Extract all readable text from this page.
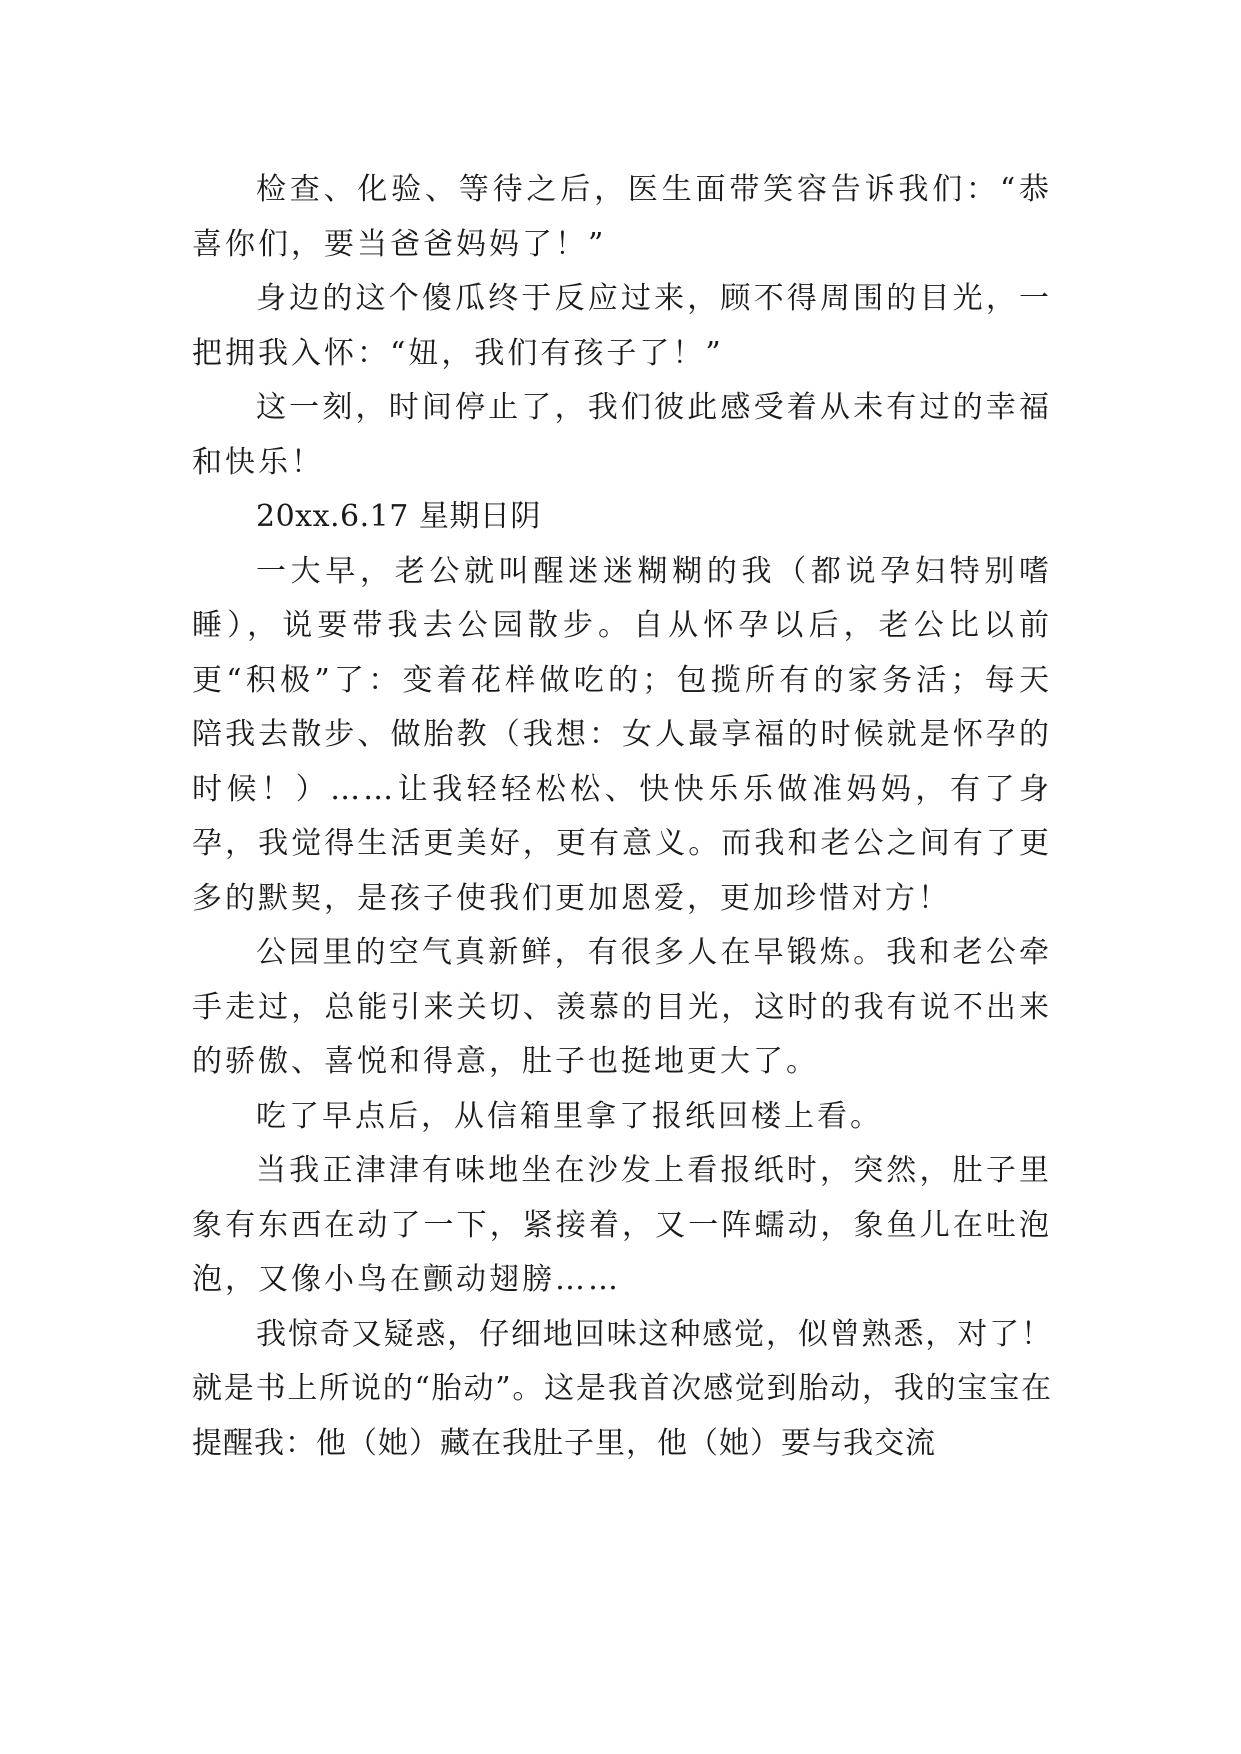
检查、化验、等待之后，医生面带笑容告诉我们：“恭喜你们，要当爸爸妈妈了！”

身边的这个傻瓜终于反应过来，顾不得周围的目光，一把拥我入怀：“妞，我们有孩子了！”

这一刻，时间停止了，我们彼此感受着从未有过的幸福和快乐！

20xx.6.17 星期日阴

一大早，老公就叫醒迷迷糊糊的我（都说孕妇特别嗜睡），说要带我去公园散步。自从怀孕以后，老公比以前更“积极”了：变着花样做吃的；包揽所有的家务活；每天陪我去散步、做胎教（我想：女人最享福的时候就是怀孕的时候！）……让我轻轻松松、快快乐乐做准妈妈，有了身孕，我觉得生活更美好，更有意义。而我和老公之间有了更多的默契，是孩子使我们更加恩爱，更加珍惜对方！

公园里的空气真新鲜，有很多人在早锻炼。我和老公牵手走过，总能引来关切、羡慕的目光，这时的我有说不出来的骄傲、喜悦和得意，肚子也挺地更大了。

吃了早点后，从信箱里拿了报纸回楼上看。

当我正津津有味地坐在沙发上看报纸时，突然，肚子里象有东西在动了一下，紧接着，又一阵蠕动，象鱼儿在吐泡泡，又像小鸟在颤动翅膀……

我惊奇又疑惑，仔细地回味这种感觉，似曾熟悉，对了！就是书上所说的“胎动”。这是我首次感觉到胎动，我的宝宝在提醒我：他（她）藏在我肚子里，他（她）要与我交流
